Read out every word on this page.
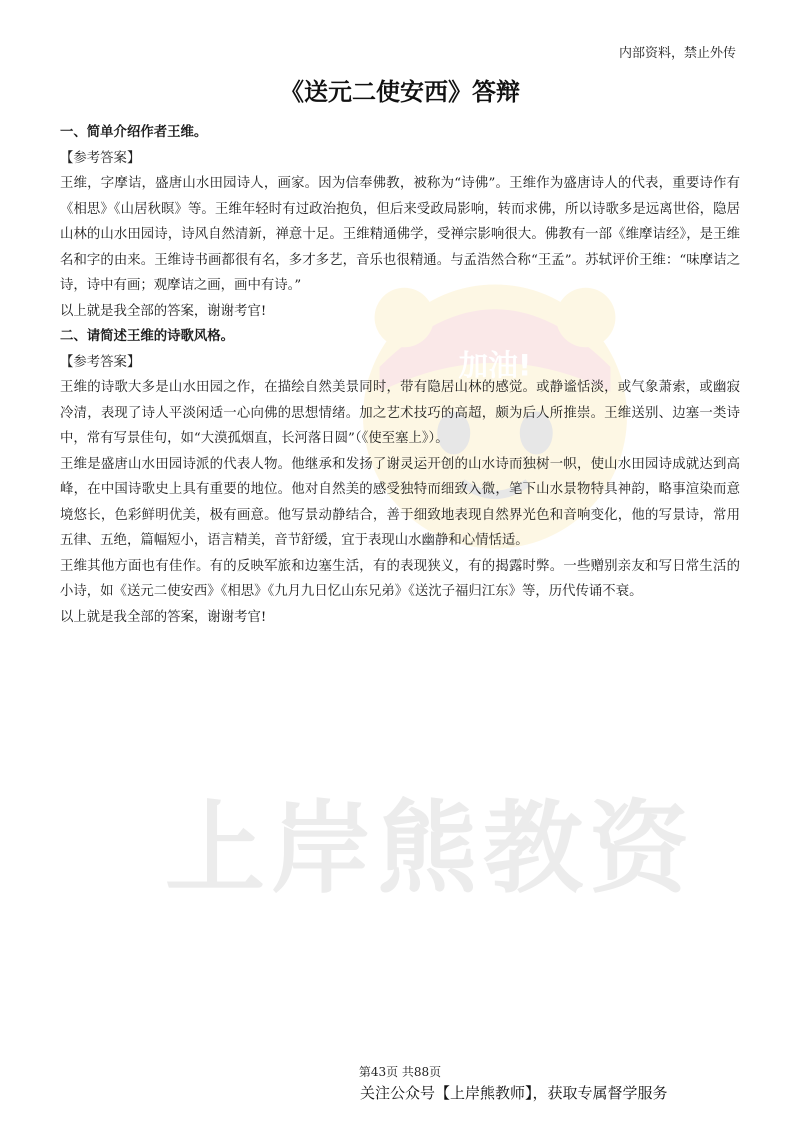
加油!
上岸熊教资
内部资料，禁止外传
《送元二使安西》答辩

一、简单介绍作者王维。

【参考答案】

王维，字摩诘，盛唐山水田园诗人，画家。因为信奉佛教，被称为“诗佛”。王维作为盛唐诗人的代表，重要诗作有《相思》《山居秋暝》等。王维年轻时有过政治抱负，但后来受政局影响，转而求佛，所以诗歌多是远离世俗，隐居山林的山水田园诗，诗风自然清新，禅意十足。王维精通佛学，受禅宗影响很大。佛教有一部《维摩诘经》，是王维名和字的由来。王维诗书画都很有名，多才多艺，音乐也很精通。与孟浩然合称“王孟”。苏轼评价王维：“味摩诘之诗，诗中有画；观摩诘之画，画中有诗。”

以上就是我全部的答案，谢谢考官!

二、请简述王维的诗歌风格。

【参考答案】

王维的诗歌大多是山水田园之作，在描绘自然美景同时，带有隐居山林的感觉。或静谧恬淡，或气象萧索，或幽寂冷清，表现了诗人平淡闲适一心向佛的思想情绪。加之艺术技巧的高超，颇为后人所推崇。王维送别、边塞一类诗中，常有写景佳句，如“大漠孤烟直，长河落日圆”（《使至塞上》）。

王维是盛唐山水田园诗派的代表人物。他继承和发扬了谢灵运开创的山水诗而独树一帜，使山水田园诗成就达到高峰，在中国诗歌史上具有重要的地位。他对自然美的感受独特而细致入微，笔下山水景物特具神韵，略事渲染而意境悠长，色彩鲜明优美，极有画意。他写景动静结合，善于细致地表现自然界光色和音响变化，他的写景诗，常用五律、五绝，篇幅短小，语言精美，音节舒缓，宜于表现山水幽静和心情恬适。

王维其他方面也有佳作。有的反映军旅和边塞生活，有的表现狭义，有的揭露时弊。一些赠别亲友和写日常生活的小诗，如《送元二使安西》《相思》《九月九日忆山东兄弟》《送沈子福归江东》等，历代传诵不衰。

以上就是我全部的答案，谢谢考官!

第43页 共88页
关注公众号【上岸熊教师】，获取专属督学服务
